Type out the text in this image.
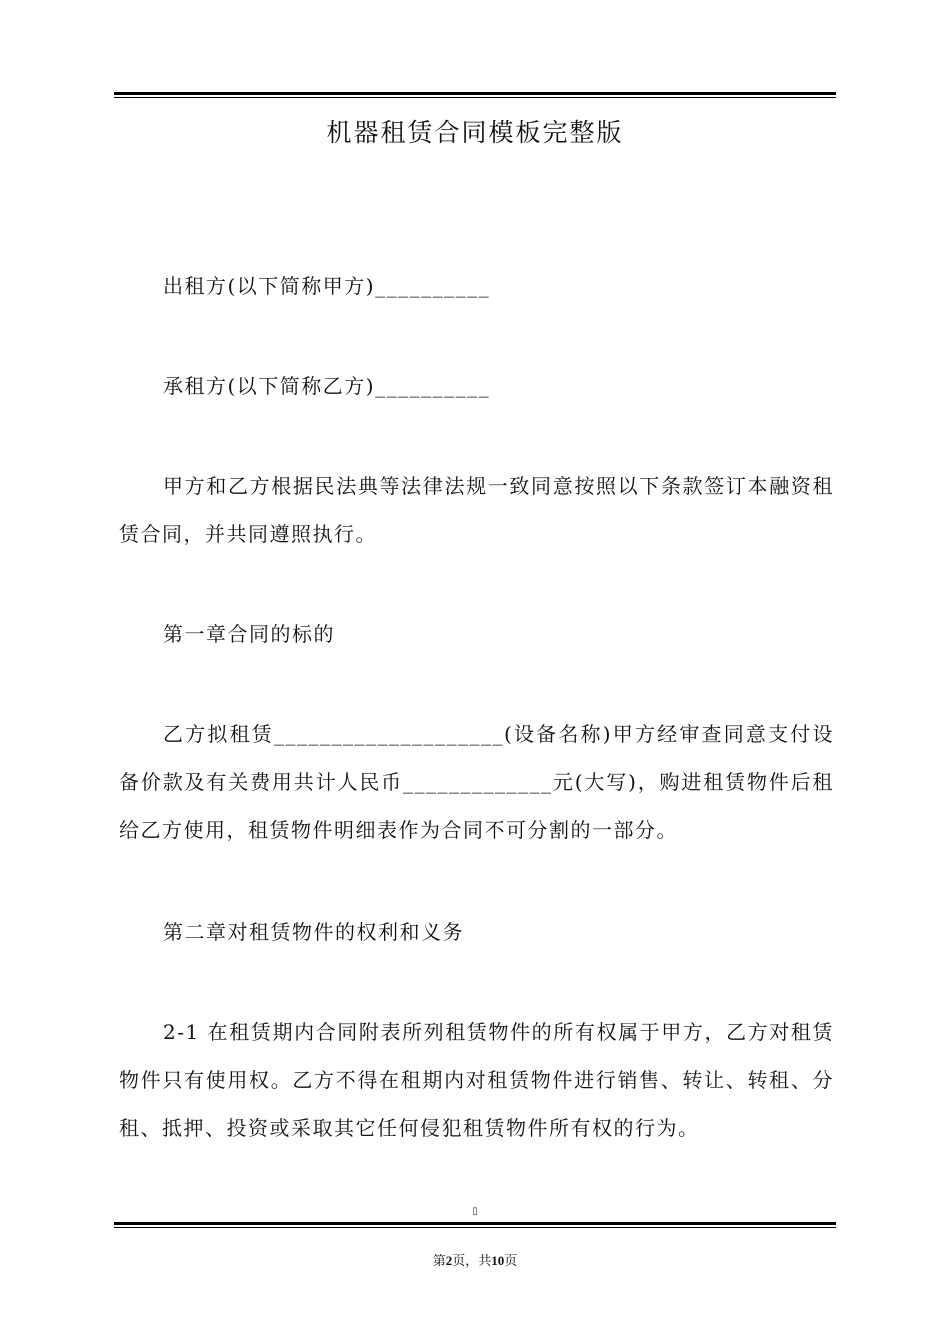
机器租赁合同模板完整版

出租方(以下简称甲方)__________

承租方(以下简称乙方)__________

甲方和乙方根据民法典等法律法规一致同意按照以下条款签订本融资租赁合同，并共同遵照执行。

第一章合同的标的

乙方拟租赁____________________(设备名称)甲方经审查同意支付设备价款及有关费用共计人民币_____________元(大写)，购进租赁物件后租给乙方使用，租赁物件明细表作为合同不可分割的一部分。

第二章对租赁物件的权利和义务

2-1 在租赁期内合同附表所列租赁物件的所有权属于甲方，乙方对租赁物件只有使用权。乙方不得在租期内对租赁物件进行销售、转让、转租、分租、抵押、投资或采取其它任何侵犯租赁物件所有权的行为。

▯
第2页，共10页
